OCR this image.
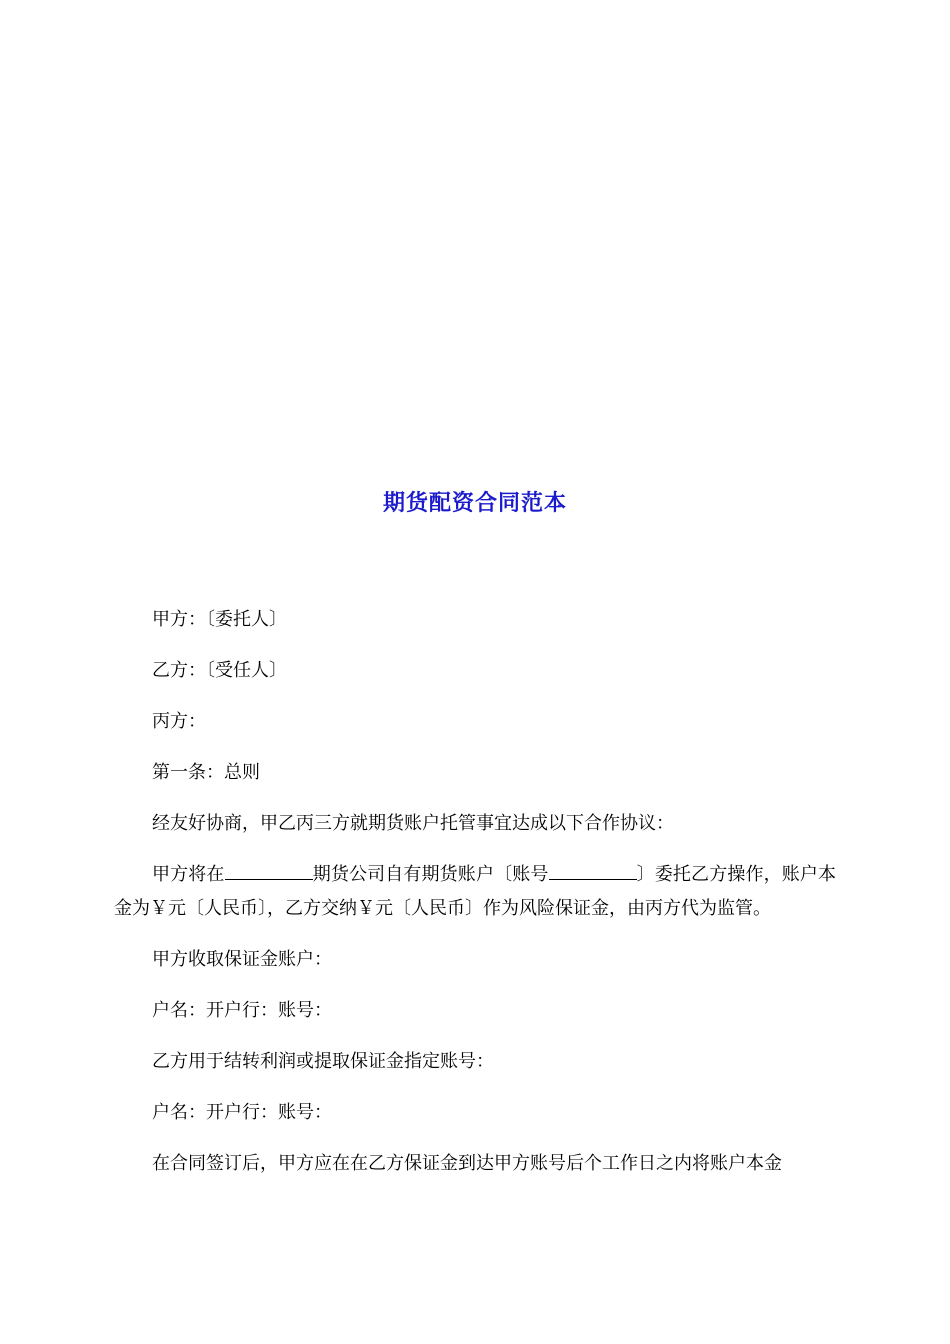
期货配资合同范本

甲方：〔委托人〕

乙方：〔受任人〕

丙方：

第一条：总则

经友好协商，甲乙丙三方就期货账户托管事宜达成以下合作协议：

甲方将在	期货公司自有期货账户〔账号	〕委托乙方操作，账户本金为￥元〔人民币〕，乙方交纳￥元〔人民币〕作为风险保证金，由丙方代为监管。

甲方收取保证金账户：

户名：开户行：账号：

乙方用于结转利润或提取保证金指定账号：

户名：开户行：账号：

在合同签订后，甲方应在在乙方保证金到达甲方账号后个工作日之内将账户本金
